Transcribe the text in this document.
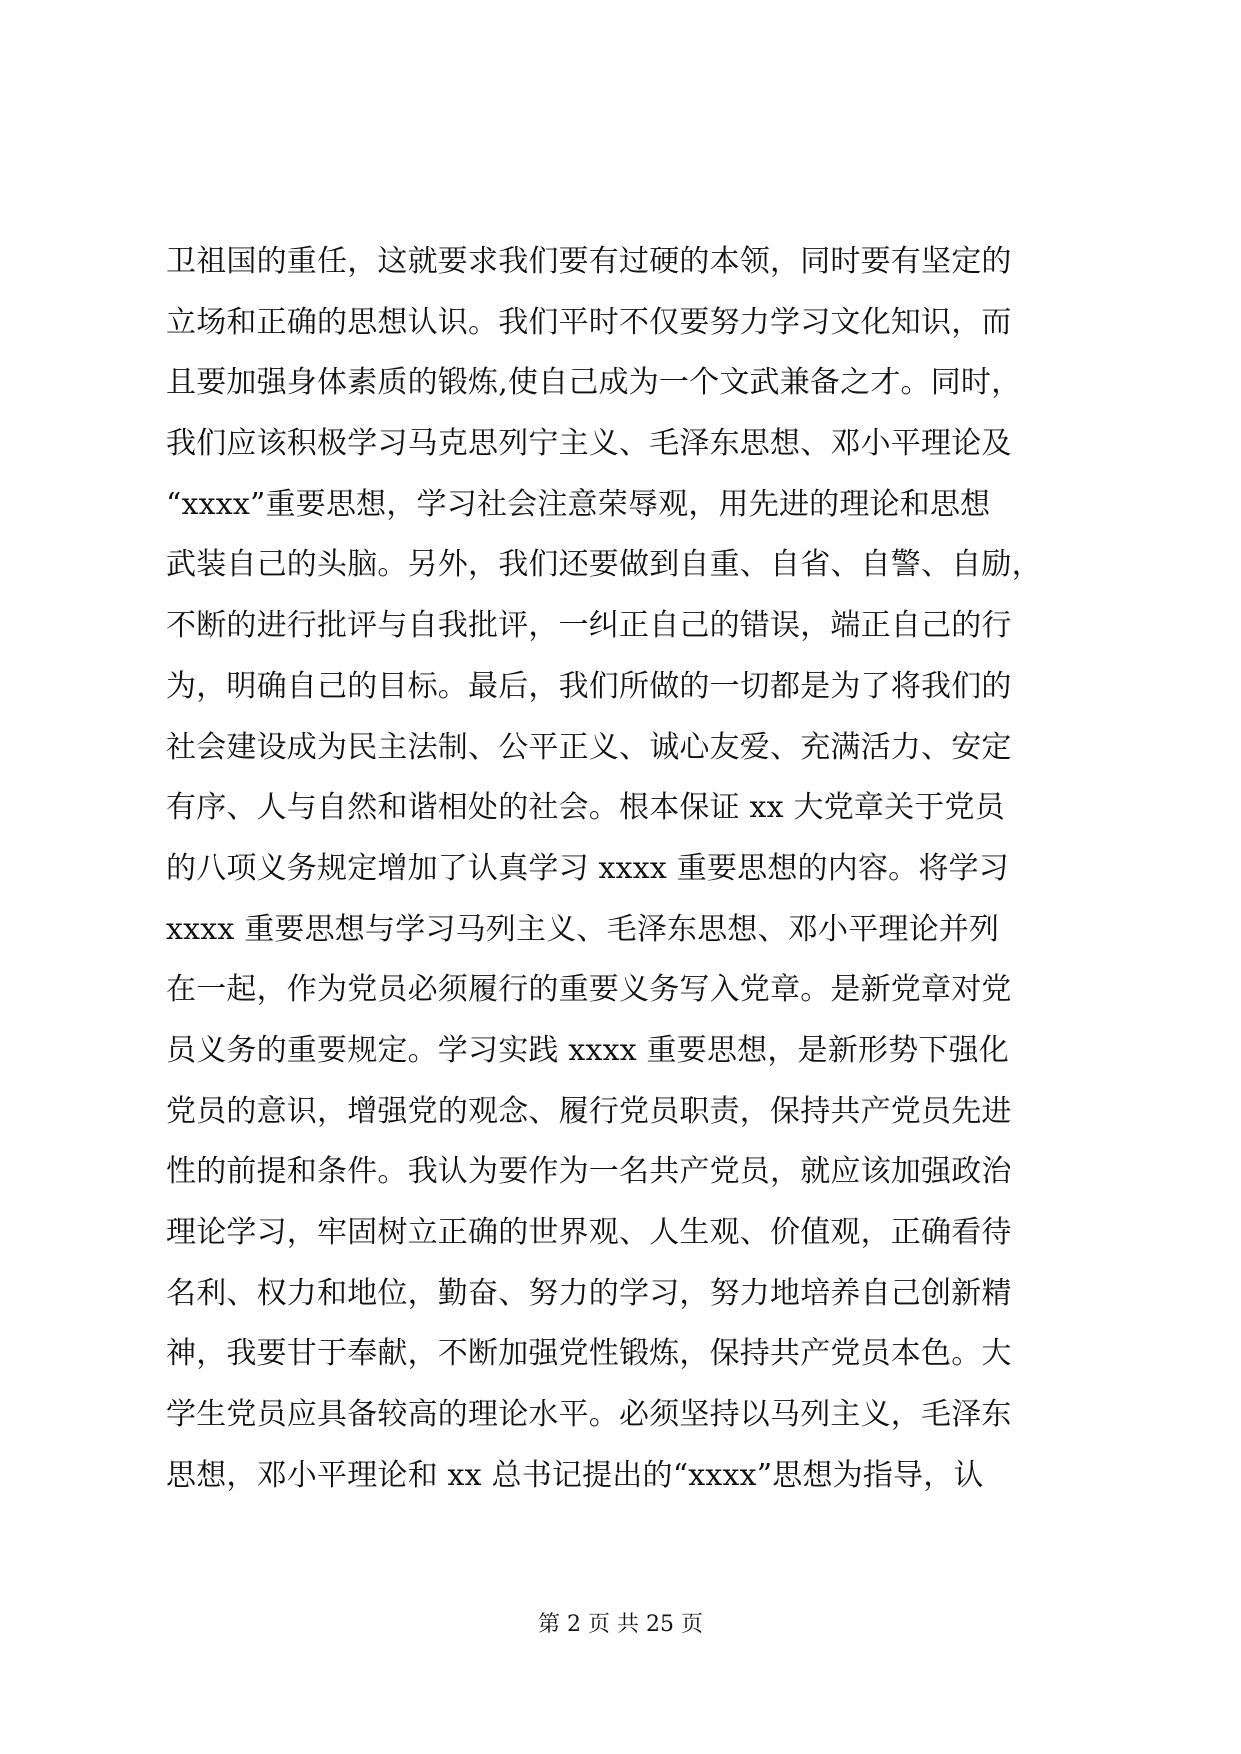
卫祖国的重任，这就要求我们要有过硬的本领，同时要有坚定的
立场和正确的思想认识。我们平时不仅要努力学习文化知识，而
且要加强身体素质的锻炼,使自己成为一个文武兼备之才。同时，
我们应该积极学习马克思列宁主义、毛泽东思想、邓小平理论及
“xxxx”重要思想，学习社会注意荣辱观，用先进的理论和思想
武装自己的头脑。另外，我们还要做到自重、自省、自警、自励，
不断的进行批评与自我批评，一纠正自己的错误，端正自己的行
为，明确自己的目标。最后，我们所做的一切都是为了将我们的
社会建设成为民主法制、公平正义、诚心友爱、充满活力、安定
有序、人与自然和谐相处的社会。根本保证 xx 大党章关于党员
的八项义务规定增加了认真学习 xxxx 重要思想的内容。将学习
xxxx 重要思想与学习马列主义、毛泽东思想、邓小平理论并列
在一起，作为党员必须履行的重要义务写入党章。是新党章对党
员义务的重要规定。学习实践 xxxx 重要思想，是新形势下强化
党员的意识，增强党的观念、履行党员职责，保持共产党员先进
性的前提和条件。我认为要作为一名共产党员，就应该加强政治
理论学习，牢固树立正确的世界观、人生观、价值观，正确看待
名利、权力和地位，勤奋、努力的学习，努力地培养自己创新精
神，我要甘于奉献，不断加强党性锻炼，保持共产党员本色。大
学生党员应具备较高的理论水平。必须坚持以马列主义，毛泽东
思想，邓小平理论和 xx 总书记提出的“xxxx”思想为指导，认
第 2 页 共 25 页
